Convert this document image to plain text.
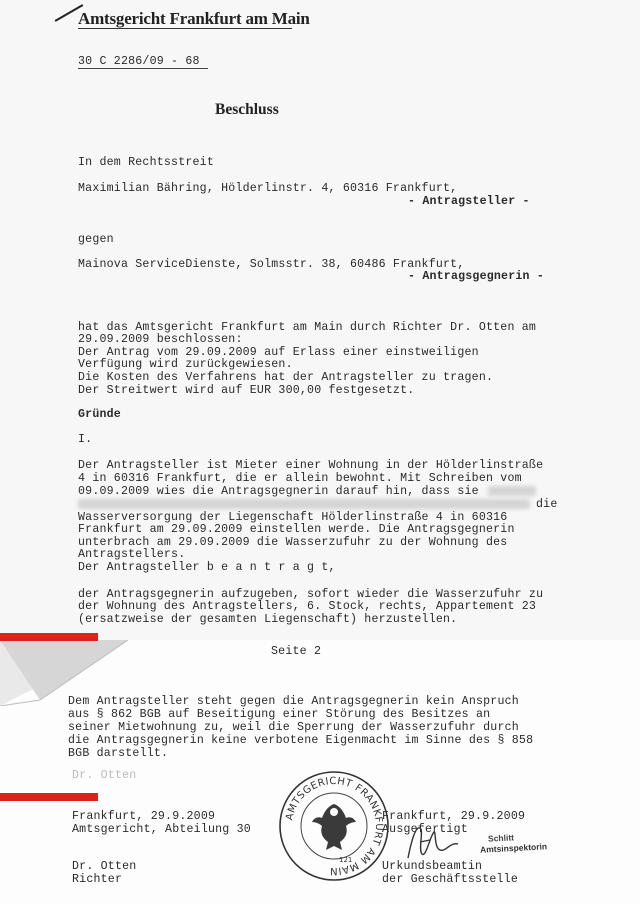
Amtsgericht Frankfurt am Main

30 C 2286/09 - 68

Beschluss

In dem Rechtsstreit

Maximilian Bähring, Hölderlinstr. 4, 60316 Frankfurt,

- Antragsteller -

gegen

Mainova ServiceDienste, Solmsstr. 38, 60486 Frankfurt,

- Antragsgegnerin -

hat das Amtsgericht Frankfurt am Main durch Richter Dr. Otten am

29.09.2009 beschlossen:

Der Antrag vom 29.09.2009 auf Erlass einer einstweiligen

Verfügung wird zurückgewiesen.

Die Kosten des Verfahrens hat der Antragsteller zu tragen.

Der Streitwert wird auf EUR 300,00 festgesetzt.

Gründe

I.

Der Antragsteller ist Mieter einer Wohnung in der Hölderlinstraße

4 in 60316 Frankfurt, die er allein bewohnt. Mit Schreiben vom

09.09.2009 wies die Antragsgegnerin darauf hin, dass sie

die

Wasserversorgung der Liegenschaft Hölderlinstraße 4 in 60316

Frankfurt am 29.09.2009 einstellen werde. Die Antragsgegnerin

unterbrach am 29.09.2009 die Wasserzufuhr zu der Wohnung des

Antragstellers.

Der Antragsteller b e a n t r a g t,

der Antragsgegnerin aufzugeben, sofort wieder die Wasserzufuhr zu

der Wohnung des Antragstellers, 6. Stock, rechts, Appartement 23

(ersatzweise der gesamten Liegenschaft) herzustellen.

Seite 2

Dem Antragsteller steht gegen die Antragsgegnerin kein Anspruch

aus § 862 BGB auf Beseitigung einer Störung des Besitzes an

seiner Mietwohnung zu, weil die Sperrung der Wasserzufuhr durch

die Antragsgegnerin keine verbotene Eigenmacht im Sinne des § 858

BGB darstellt.

Dr. Otten

Frankfurt, 29.9.2009

Amtsgericht, Abteilung 30

Dr. Otten

Richter

Frankfurt, 29.9.2009

Ausgefertigt

Urkundsbeamtin

der Geschäftsstelle

Schlitt
Amtsinspektorin
AMTSGERICHT FRANKFURT AM MAIN
121
